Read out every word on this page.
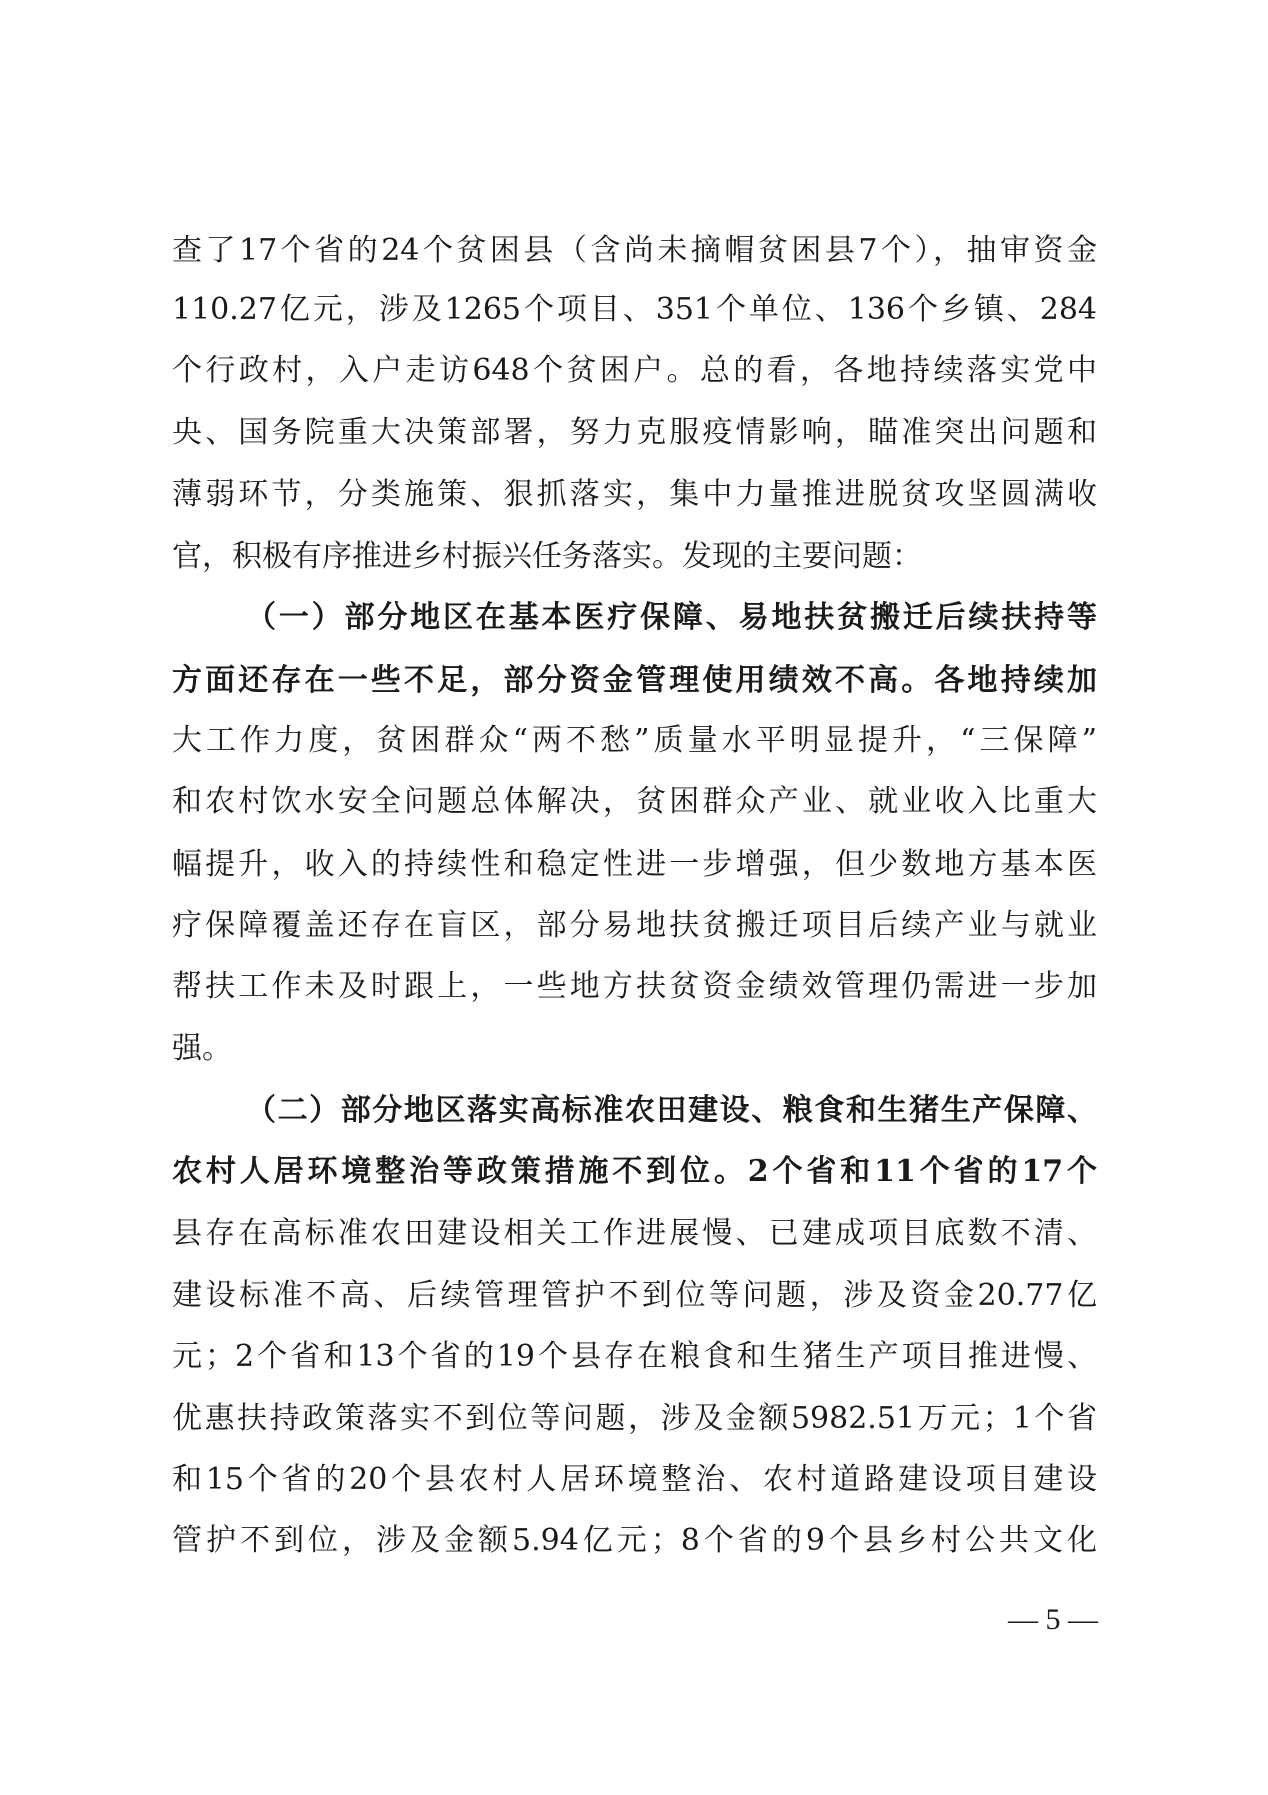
查了17个省的24个贫困县（含尚未摘帽贫困县7个），抽审资金
110.27亿元，涉及1265个项目、351个单位、136个乡镇、284
个行政村，入户走访648个贫困户。总的看，各地持续落实党中
央、国务院重大决策部署，努力克服疫情影响，瞄准突出问题和
薄弱环节，分类施策、狠抓落实，集中力量推进脱贫攻坚圆满收
官，积极有序推进乡村振兴任务落实。发现的主要问题：
（一）部分地区在基本医疗保障、易地扶贫搬迁后续扶持等
方面还存在一些不足，部分资金管理使用绩效不高。各地持续加
大工作力度，贫困群众“两不愁”质量水平明显提升，“三保障”
和农村饮水安全问题总体解决，贫困群众产业、就业收入比重大
幅提升，收入的持续性和稳定性进一步增强，但少数地方基本医
疗保障覆盖还存在盲区，部分易地扶贫搬迁项目后续产业与就业
帮扶工作未及时跟上，一些地方扶贫资金绩效管理仍需进一步加
强。
（二）部分地区落实高标准农田建设、粮食和生猪生产保障、
农村人居环境整治等政策措施不到位。2个省和11个省的17个
县存在高标准农田建设相关工作进展慢、已建成项目底数不清、
建设标准不高、后续管理管护不到位等问题，涉及资金20.77亿
元；2个省和13个省的19个县存在粮食和生猪生产项目推进慢、
优惠扶持政策落实不到位等问题，涉及金额5982.51万元；1个省
和15个省的20个县农村人居环境整治、农村道路建设项目建设
管护不到位，涉及金额5.94亿元；8个省的9个县乡村公共文化
— 5 —
